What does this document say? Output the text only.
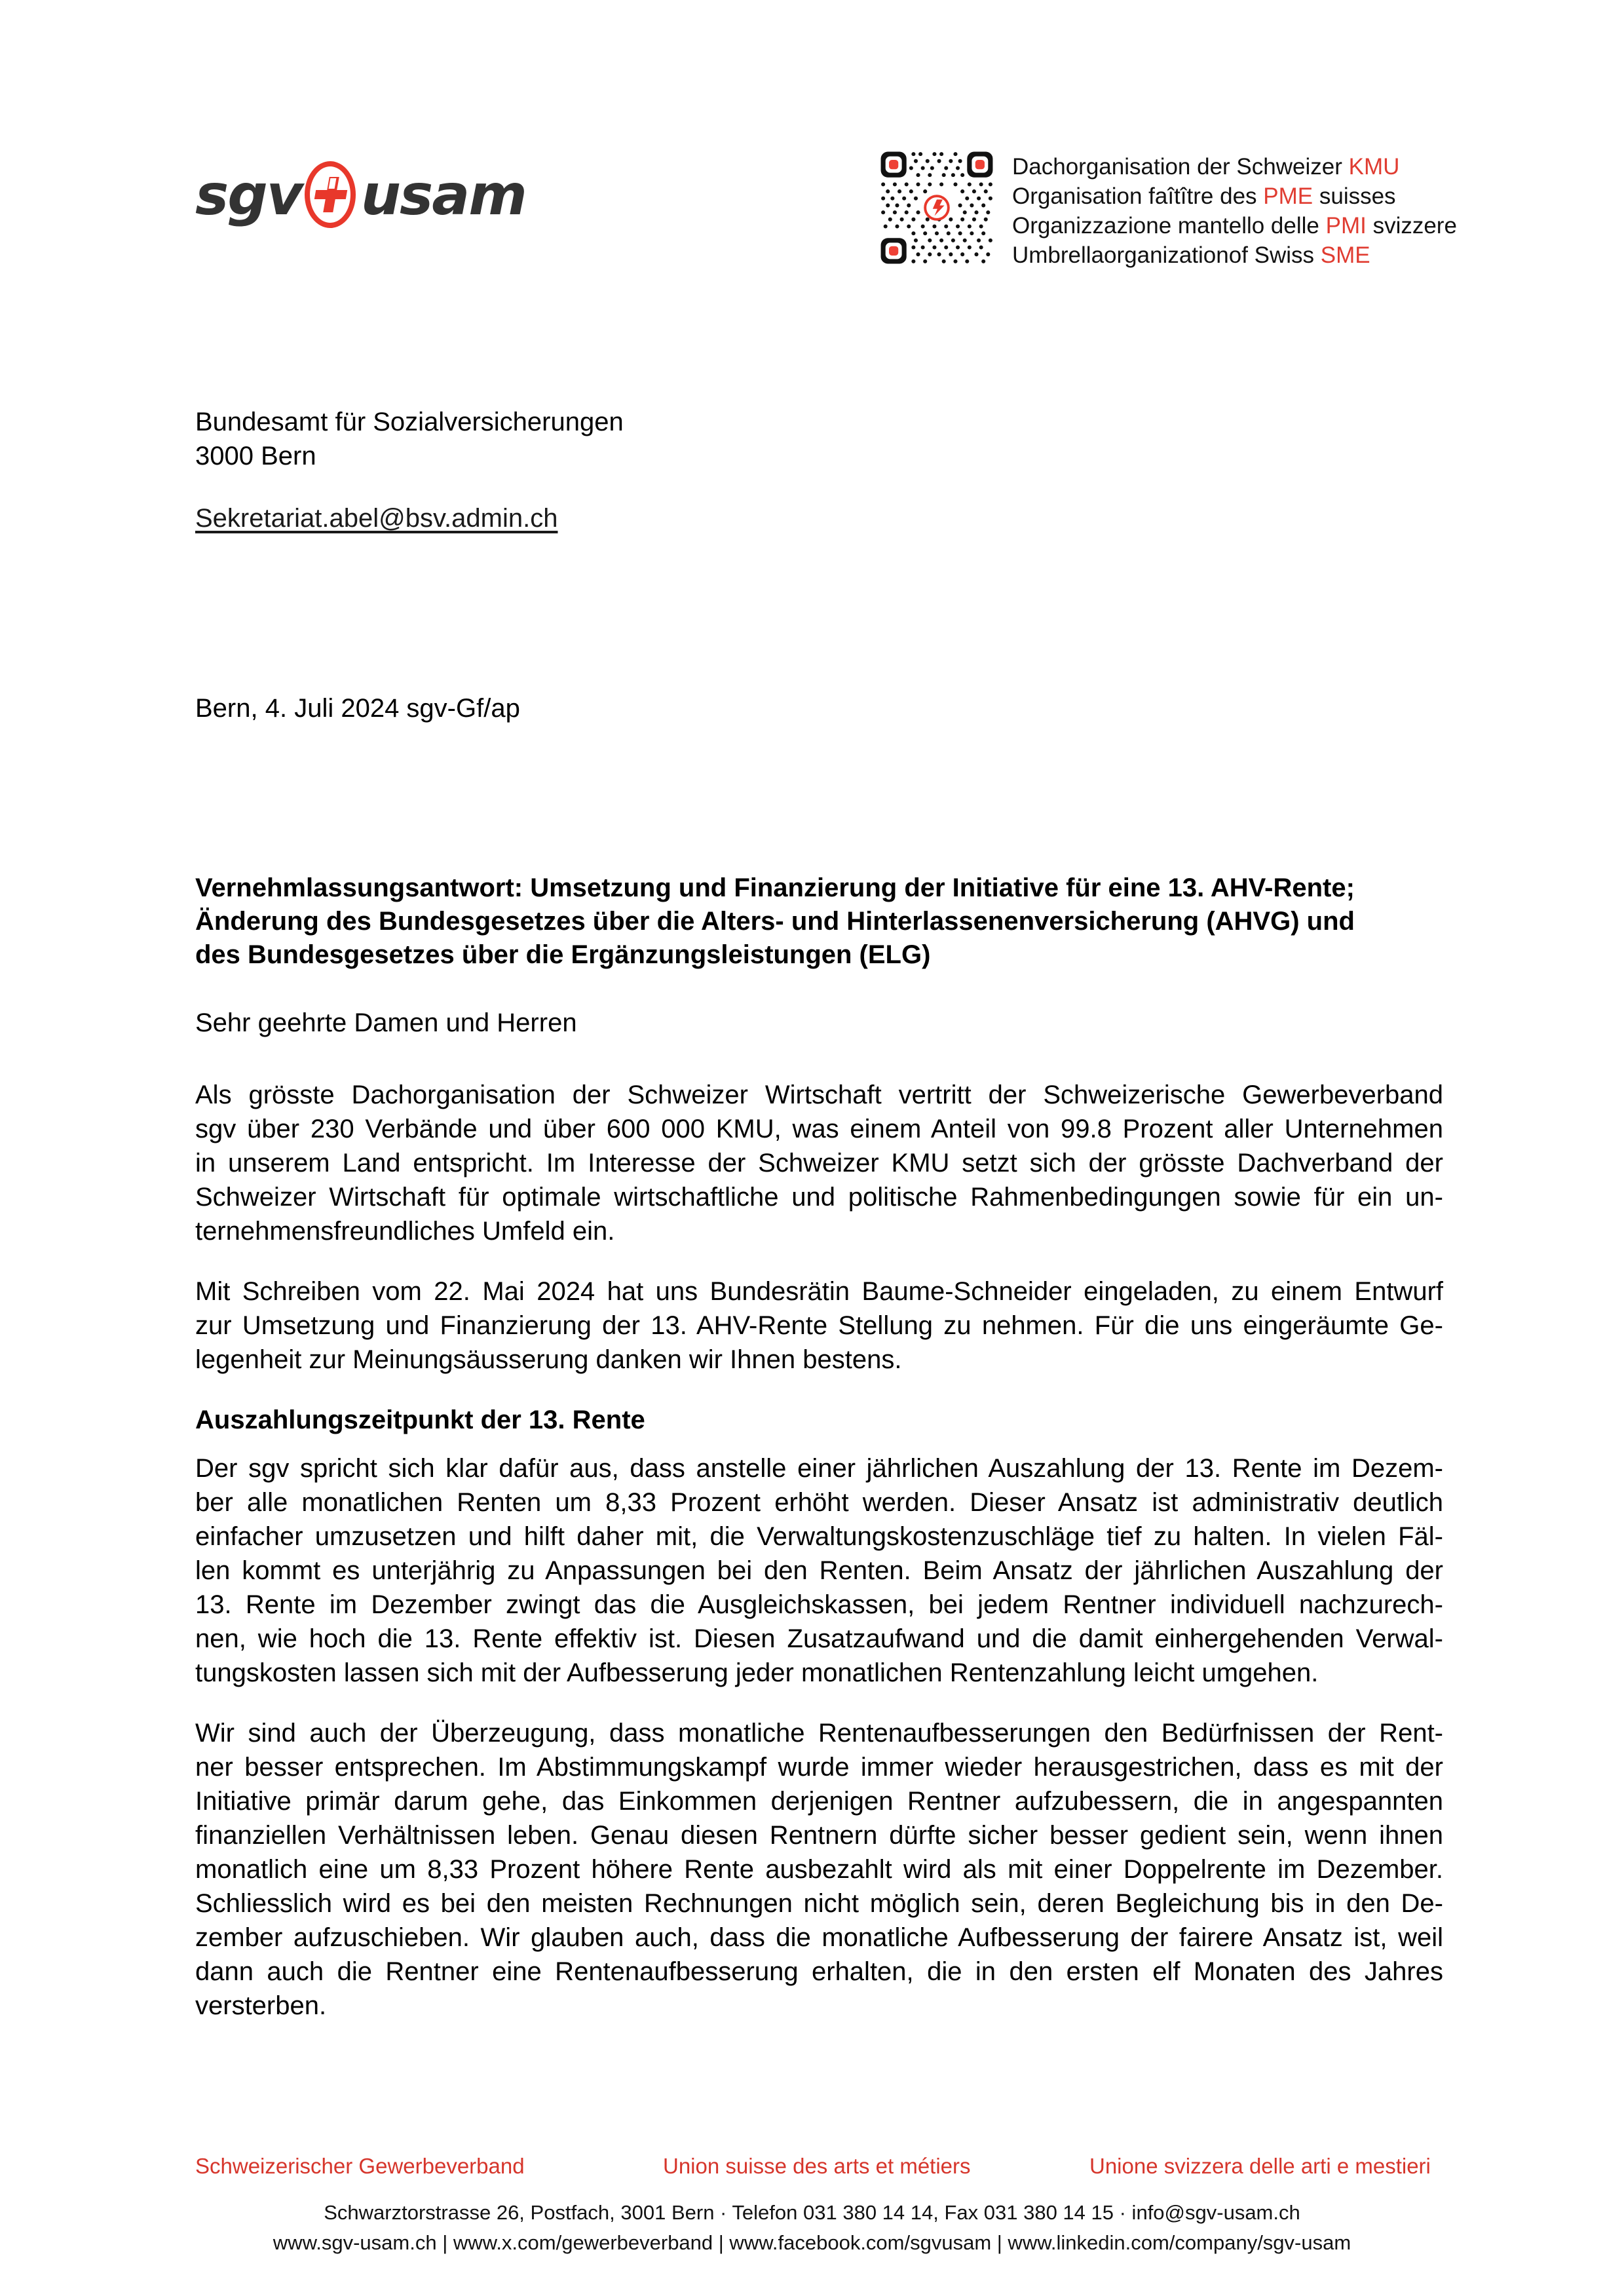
sgv usam	Dachorganisation der Schweizer KMU
Organisation faîtître des PME suisses
Organizzazione mantello delle PMI svizzere
Umbrellaorganizationof Swiss SME
Bundesamt für Sozialversicherungen
3000 Bern
Sekretariat.abel@bsv.admin.ch
Bern, 4. Juli 2024 sgv-Gf/ap
Vernehmlassungsantwort: Umsetzung und Finanzierung der Initiative für eine 13. AHV-Rente;
Änderung des Bundesgesetzes über die Alters- und Hinterlassenenversicherung (AHVG) und
des Bundesgesetzes über die Ergänzungsleistungen (ELG)
Sehr geehrte Damen und Herren
Als grösste Dachorganisation der Schweizer Wirtschaft vertritt der Schweizerische Gewerbeverband
sgv über 230 Verbände und über 600 000 KMU, was einem Anteil von 99.8 Prozent aller Unternehmen
in unserem Land entspricht. Im Interesse der Schweizer KMU setzt sich der grösste Dachverband der
Schweizer Wirtschaft für optimale wirtschaftliche und politische Rahmenbedingungen sowie für ein un-
ternehmensfreundliches Umfeld ein.
Mit Schreiben vom 22. Mai 2024 hat uns Bundesrätin Baume-Schneider eingeladen, zu einem Entwurf
zur Umsetzung und Finanzierung der 13. AHV-Rente Stellung zu nehmen. Für die uns eingeräumte Ge-
legenheit zur Meinungsäusserung danken wir Ihnen bestens.
Auszahlungszeitpunkt der 13. Rente
Der sgv spricht sich klar dafür aus, dass anstelle einer jährlichen Auszahlung der 13. Rente im Dezem-
ber alle monatlichen Renten um 8,33 Prozent erhöht werden. Dieser Ansatz ist administrativ deutlich
einfacher umzusetzen und hilft daher mit, die Verwaltungskostenzuschläge tief zu halten. In vielen Fäl-
len kommt es unterjährig zu Anpassungen bei den Renten. Beim Ansatz der jährlichen Auszahlung der
13. Rente im Dezember zwingt das die Ausgleichskassen, bei jedem Rentner individuell nachzurech-
nen, wie hoch die 13. Rente effektiv ist. Diesen Zusatzaufwand und die damit einhergehenden Verwal-
tungskosten lassen sich mit der Aufbesserung jeder monatlichen Rentenzahlung leicht umgehen.
Wir sind auch der Überzeugung, dass monatliche Rentenaufbesserungen den Bedürfnissen der Rent-
ner besser entsprechen. Im Abstimmungskampf wurde immer wieder herausgestrichen, dass es mit der
Initiative primär darum gehe, das Einkommen derjenigen Rentner aufzubessern, die in angespannten
finanziellen Verhältnissen leben. Genau diesen Rentnern dürfte sicher besser gedient sein, wenn ihnen
monatlich eine um 8,33 Prozent höhere Rente ausbezahlt wird als mit einer Doppelrente im Dezember.
Schliesslich wird es bei den meisten Rechnungen nicht möglich sein, deren Begleichung bis in den De-
zember aufzuschieben. Wir glauben auch, dass die monatliche Aufbesserung der fairere Ansatz ist, weil
dann auch die Rentner eine Rentenaufbesserung erhalten, die in den ersten elf Monaten des Jahres
versterben.
Schweizerischer Gewerbeverband	Union suisse des arts et métiers	Unione svizzera delle arti e mestieri
Schwarztorstrasse 26, Postfach, 3001 Bern · Telefon 031 380 14 14, Fax 031 380 14 15 · info@sgv-usam.ch
www.sgv-usam.ch | www.x.com/gewerbeverband | www.facebook.com/sgvusam | www.linkedin.com/company/sgv-usam
